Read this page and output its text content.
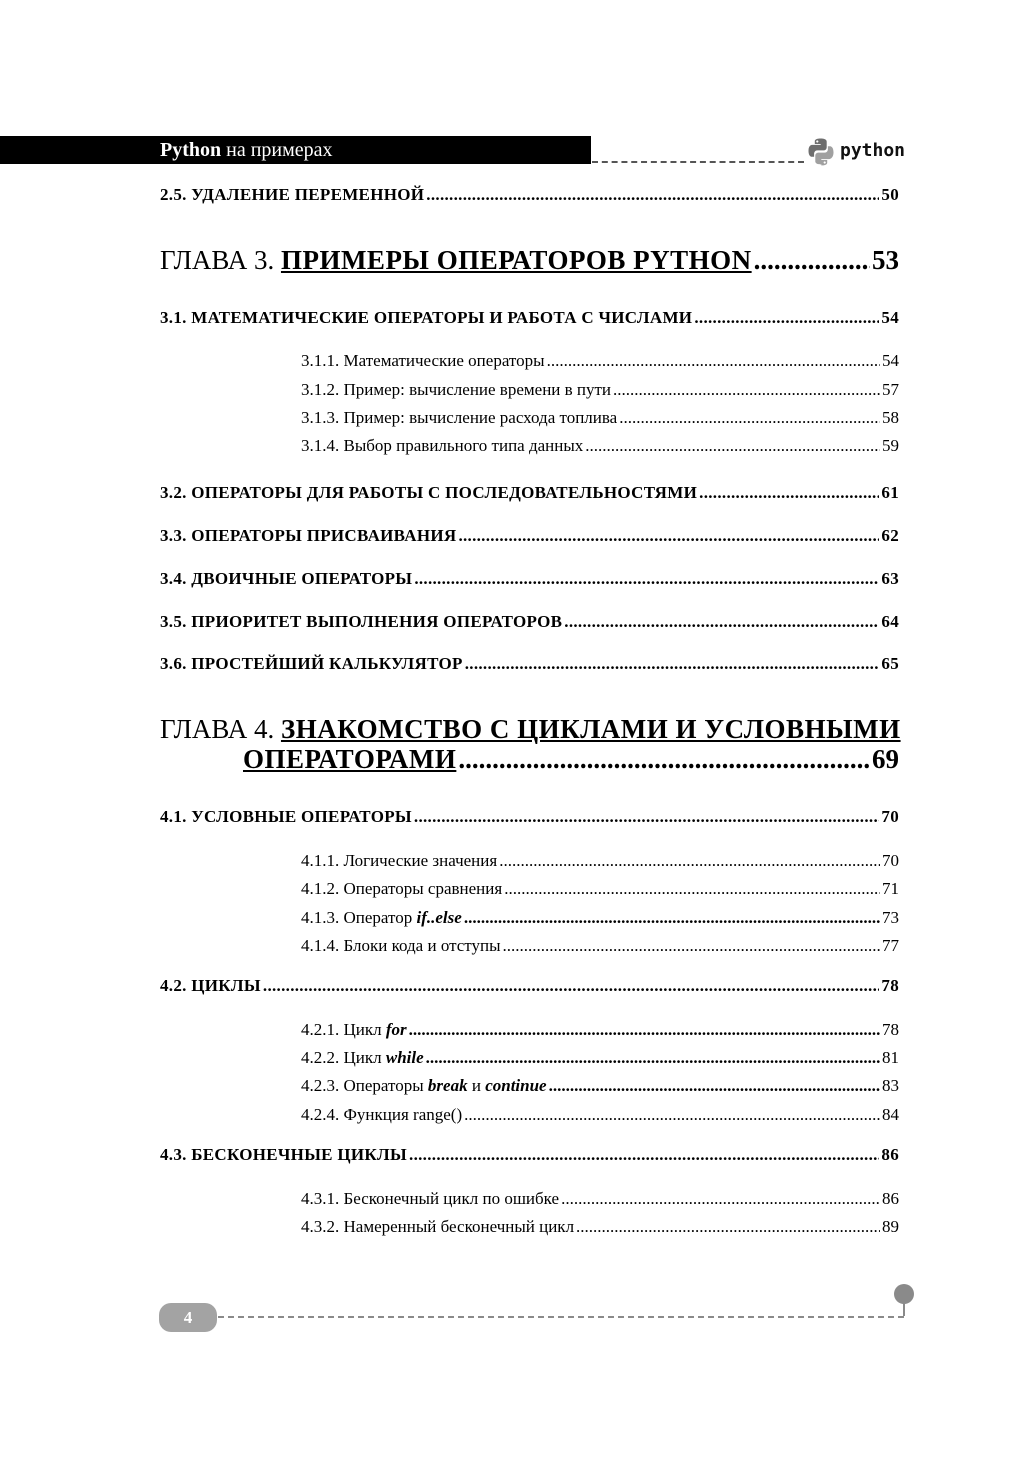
Python на примерах	python
2.5. УДАЛЕНИЕ ПЕРЕМЕННОЙ .....	50
ГЛАВА 3. ПРИМЕРЫ ОПЕРАТОРОВ PYTHON .....	53
3.1. МАТЕМАТИЧЕСКИЕ ОПЕРАТОРЫ И РАБОТА С ЧИСЛАМИ .....	54
3.1.1. Математические операторы .....	54
3.1.2. Пример: вычисление времени в пути .....	57
3.1.3. Пример: вычисление расхода топлива .....	58
3.1.4. Выбор правильного типа данных .....	59
3.2. ОПЕРАТОРЫ ДЛЯ РАБОТЫ С ПОСЛЕДОВАТЕЛЬНОСТЯМИ .....	61
3.3. ОПЕРАТОРЫ ПРИСВАИВАНИЯ .....	62
3.4. ДВОИЧНЫЕ ОПЕРАТОРЫ .....	63
3.5. ПРИОРИТЕТ ВЫПОЛНЕНИЯ ОПЕРАТОРОВ .....	64
3.6. ПРОСТЕЙШИЙ КАЛЬКУЛЯТОР .....	65
ГЛАВА 4. ЗНАКОМСТВО С ЦИКЛАМИ И УСЛОВНЫМИ
ОПЕРАТОРАМИ .....	69
4.1. УСЛОВНЫЕ ОПЕРАТОРЫ .....	70
4.1.1. Логические значения .....	70
4.1.2. Операторы сравнения .....	71
4.1.3. Оператор if..else .....	73
4.1.4. Блоки кода и отступы .....	77
4.2. ЦИКЛЫ .....	78
4.2.1. Цикл for .....	78
4.2.2. Цикл while .....	81
4.2.3. Операторы break и continue .....	83
4.2.4. Функция range() .....	84
4.3. БЕСКОНЕЧНЫЕ ЦИКЛЫ .....	86
4.3.1. Бесконечный цикл по ошибке .....	86
4.3.2. Намеренный бесконечный цикл .....	89
4
